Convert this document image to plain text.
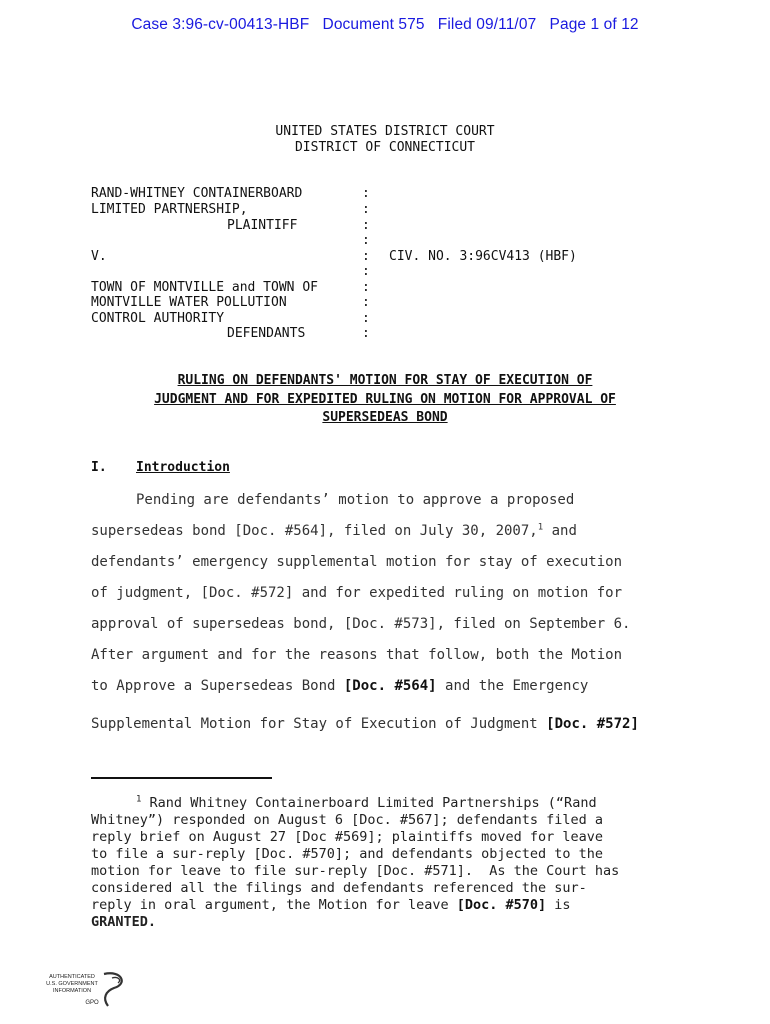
Case 3:96-cv-00413-HBF Document 575 Filed 09/11/07 Page 1 of 12
UNITED STATES DISTRICT COURT
DISTRICT OF CONNECTICUT
RAND-WHITNEY CONTAINERBOARD
LIMITED PARTNERSHIP,
PLAINTIFF
V.
TOWN OF MONTVILLE and TOWN OF
MONTVILLE WATER POLLUTION
CONTROL AUTHORITY
DEFENDANTS
:
:
:
:
:
:
:
:
:
:
CIV. NO. 3:96CV413 (HBF)
RULING ON DEFENDANTS' MOTION FOR STAY OF EXECUTION OF
JUDGMENT AND FOR EXPEDITED RULING ON MOTION FOR APPROVAL OF
SUPERSEDEAS BOND
I. Introduction
Pending are defendants’ motion to approve a proposed
supersedeas bond [Doc. #564], filed on July 30, 2007,$^1$ and
defendants’ emergency supplemental motion for stay of execution
of judgment, [Doc. #572] and for expedited ruling on motion for
approval of supersedeas bond, [Doc. #573], filed on September 6.
After argument and for the reasons that follow, both the Motion
to Approve a Supersedeas Bond [Doc. #564] and the Emergency
Supplemental Motion for Stay of Execution of Judgment [Doc. #572]
$^1$ Rand Whitney Containerboard Limited Partnerships (“Rand
Whitney”) responded on August 6 [Doc. #567]; defendants filed a
reply brief on August 27 [Doc #569]; plaintiffs moved for leave
to file a sur-reply [Doc. #570]; and defendants objected to the
motion for leave to file sur-reply [Doc. #571].  As the Court has
considered all the filings and defendants referenced the sur-
reply in oral argument, the Motion for leave [Doc. #570] is
GRANTED.
AUTHENTICATED
U.S. GOVERNMENT
INFORMATION
GPO
